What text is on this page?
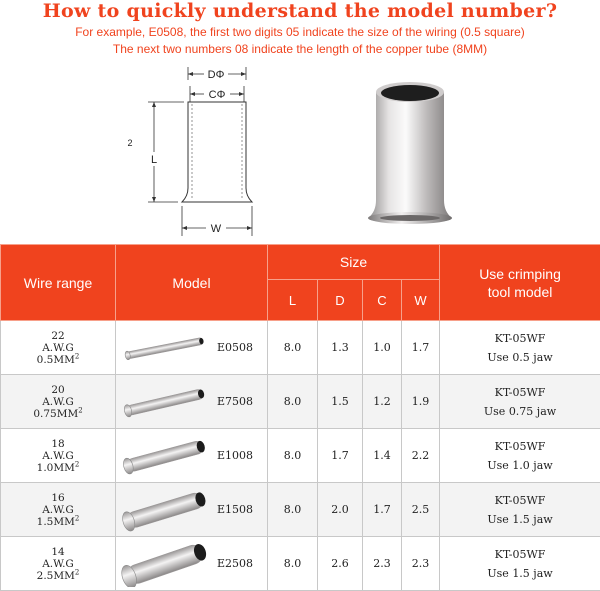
How to quickly understand the model number?
For example, E0508, the first two digits 05 indicate the size of the wiring (0.5 square)
The next two numbers 08 indicate the length of the copper tube (8MM)
DΦ
CΦ
L
2
W
Wire range	Model	Size				Use crimping
tool model
		L	D	C	W	

22
A.W.G
$0.5MM^2$	E0508	8.0	1.3	1.0	1.7	KT-05WF
Use 0.5 jaw

20
A.W.G
$0.75MM^2$	E7508	8.0	1.5	1.2	1.9	KT-05WF
Use 0.75 jaw

18
A.W.G
$1.0MM^2$	E1008	8.0	1.7	1.4	2.2	KT-05WF
Use 1.0 jaw

16
A.W.G
$1.5MM^2$	E1508	8.0	2.0	1.7	2.5	KT-05WF
Use 1.5 jaw

14
A.W.G
$2.5MM^2$	E2508	8.0	2.6	2.3	2.3	KT-05WF
Use 1.5 jaw
